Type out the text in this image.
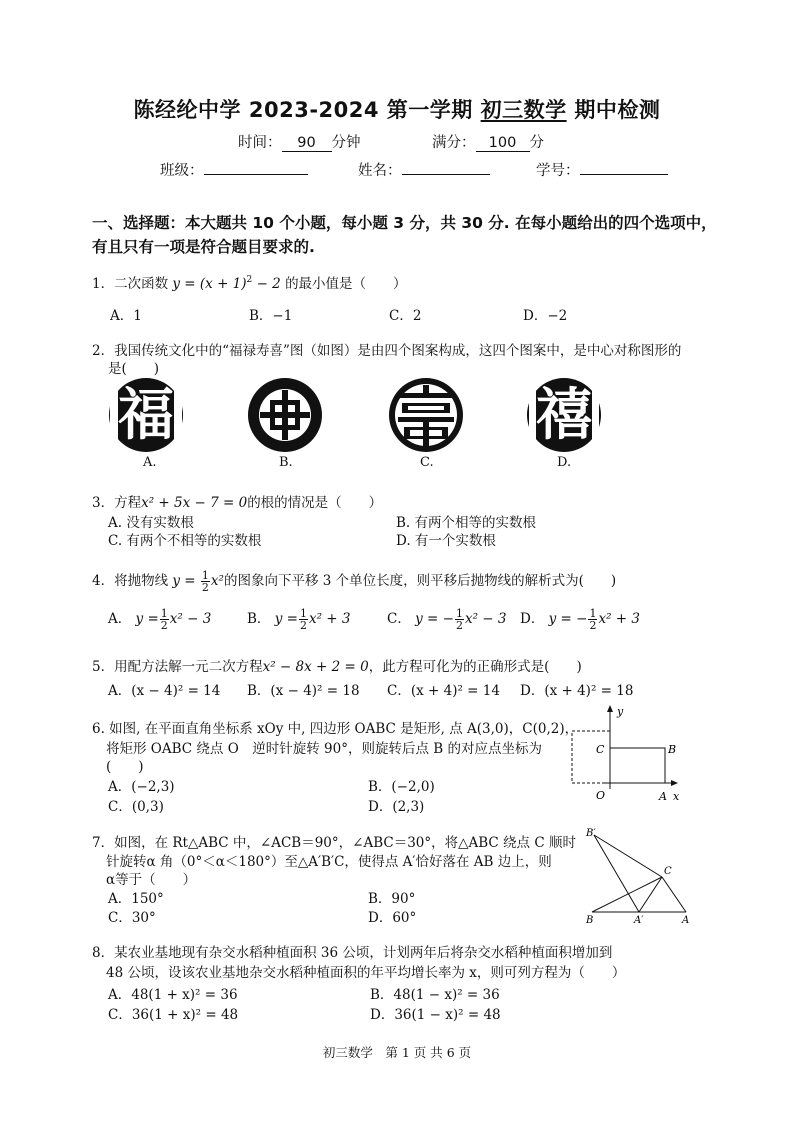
陈经纶中学 2023-2024 第一学期 初三数学 期中检测
时间： 90 分钟	满分： 100 分
班级：	姓名：	学号：
一、选择题：本大题共 10 个小题，每小题 3 分，共 30 分. 在每小题给出的四个选项中，
有且只有一项是符合题目要求的.
1．二次函数 $y = (x + 1)^2 - 2$ 的最小值是（　　）
A．1	B．−1	C．2	D．−2
2．我国传统文化中的“福禄寿喜”图（如图）是由四个图案构成，这四个图案中，是中心对称图形的
是(　　)
福	禧
A.	B.	C.	D.
3．方程x² + 5x − 7 = 0的根的情况是（　　）
A. 没有实数根	B. 有两个相等的实数根
C. 有两个不相等的实数根	D. 有一个实数根
4．将抛物线 $y = \frac{1}{2} x^2$的图象向下平移 3 个单位长度，则平移后抛物线的解析式为(　　)
A． $y = \frac{1}{2} x^2 - 3$	B． $y = \frac{1}{2} x^2 + 3$	C． y = − $\frac{1}{2} x^2 - 3$ D． y = − $\frac{1}{2} x^2 + 3$
5．用配方法解一元二次方程x² − 8x + 2 = 0，此方程可化为的正确形式是(　　)
A．(x − 4)² = 14 B．(x − 4)² = 18 C．(x + 4)² = 14 D．(x + 4)² = 18
6. 如图, 在平面直角坐标系 xOy 中, 四边形 OABC 是矩形, 点 A(3,0)，C(0,2)，
将矩形 OABC 绕点 O　逆时针旋转 90°，则旋转后点 B 的对应点坐标为
(　　)
A．(−2,3)	B．(−2,0)
C．(0,3)	D．(2,3)
y
x
C	B
O	A
7．如图，在 Rt△ABC 中，∠ACB＝90°，∠ABC＝30°，将△ABC 绕点 C 顺时
针旋转α 角（0°＜α＜180°）至△A′B′C，使得点 A′恰好落在 AB 边上，则
α等于（　　）
A．150°	B．90°
C．30°	D．60°
B′
C
B	A′	A
8．某农业基地现有杂交水稻种植面积 36 公顷，计划两年后将杂交水稻种植面积增加到
48 公顷，设该农业基地杂交水稻种植面积的年平均增长率为 x，则可列方程为（　　）
A．48(1 + x)² = 36	B．48(1 − x)² = 36
C．36(1 + x)² = 48	D．36(1 − x)² = 48
初三数学　第 1 页 共 6 页
